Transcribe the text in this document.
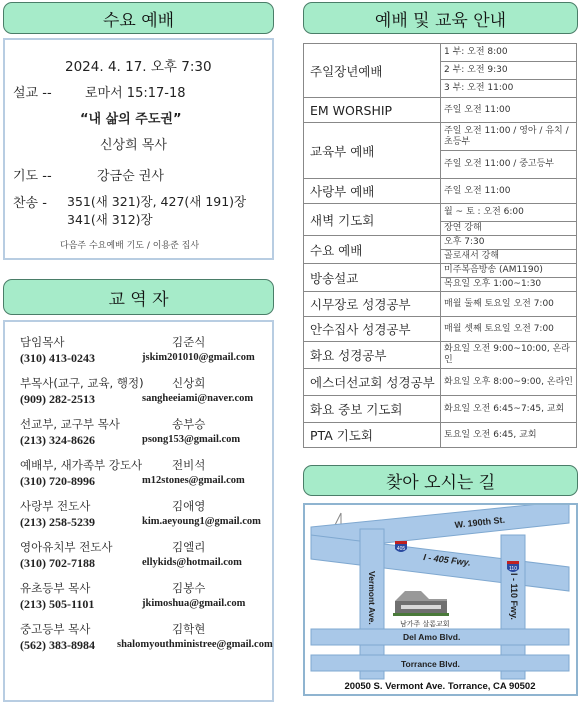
수요 예배
2024. 4. 17. 오후 7:30
설교 --	로마서 15:17-18
“내 삶의 주도권”
신상희 목사
기도 --	강금순 권사
찬송 - 351(새 321)장, 427(새 191)장
341(새 312)장
다음주 수요예배 기도 / 이용준 집사
교 역 자
담임목사	김준식
(310) 413-0243	jskim201010@gmail.com
부목사(교구, 교육, 행정) 신상희
(909) 282-2513	sangheeiami@naver.com
선교부, 교구부 목사	송부승
(213) 324-8626	psong153@gmail.com
예배부, 새가족부 강도사	전비석
(310) 720-8996	m12stones@gmail.com
사랑부 전도사	김애영
(213) 258-5239	kim.aeyoung1@gmail.com
영아유치부 전도사	김엘리
(310) 702-7188	ellykids@hotmail.com
유초등부 목사	김봉수
(213) 505-1101	jkimoshua@gmail.com
중고등부 목사	김학현
(562) 383-8984 shalomyouthministree@gmail.com
예배 및 교육 안내
주일장년예배	1 부: 오전 8:00
	2 부: 오전 9:30
	3 부: 오전 11:00
EM WORSHIP	주일 오전 11:00
교육부 예배	주일 오전 11:00 / 영아 / 유치 / 초등부
	주일 오전 11:00 / 중고등부
사랑부 예배	주일 오전 11:00
새벽 기도회	월 ~ 토 : 오전 6:00
	장연 강해
수요 예배	오후 7:30
	골로새서 강해
방송설교	미주복음방송 (AM1190)
	목요일 오후 1:00~1:30
시무장로 성경공부	매월 둘째 토요일 오전 7:00
안수집사 성경공부	매월 셋째 토요일 오전 7:00
화요 성경공부	화요일 오전 9:00~10:00, 온라인
에스더선교회 성경공부	화요일 오후 8:00~9:00, 온라인
화요 중보 기도회	화요일 오전 6:45~7:45, 교회
PTA 기도회	토요일 오전 6:45, 교회
찾아 오시는 길
W. 190th St.
I - 405 Fwy.
I - 110 Fwy.
Vermont Ave.
Del Amo Blvd.
Torrance Blvd.
405
110
남가주 살롬교회
20050 S. Vermont Ave. Torrance, CA 90502
